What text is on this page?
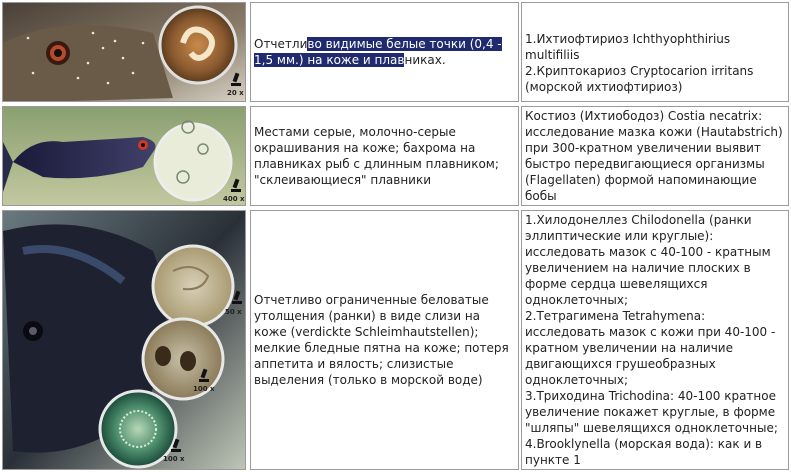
20 x
Отчетливо видимые белые точки (0,4 - 1,5 мм.) на коже и плавниках.
1.Ихтиофтириоз Ichthyophthirius multifiliis
2.Криптокариоз Cryptocarion irritans (морской ихтиофтириоз)
400 x
Местами серые, молочно-серые окрашивания на коже; бахрома на плавниках рыб с длинным плавником; "склеивающиеся" плавники
Костиоз (Ихтиободоз) Costia necatrix: исследование мазка кожи (Hautabstrich) при 300-кратном увеличении выявит быстро передвигающиеся организмы (Flagellaten) формой напоминающие бобы
50 x
100 x
100 x
Отчетливо ограниченные беловатые утолщения (ранки) в виде слизи на коже (verdickte Schleimhautstellen); мелкие бледные пятна на коже; потеря аппетита и вялость; слизистые выделения (только в морской воде)
1.Хилодонеллез Chilodonella (ранки эллиптические или круглые): исследовать мазок с 40-100 - кратным увеличением на наличие плоских в форме сердца шевелящихся одноклеточных;
2.Тетрагимена Tetrahymena: исследовать мазок с кожи при 40-100 - кратном увеличении на наличие двигающихся грушеобразных одноклеточных;
3.Триходина Trichodina: 40-100 кратное увеличение покажет круглые, в форме "шляпы" шевелящихся одноклеточные;
4.Brooklynella (морская вода): как и в пункте 1
